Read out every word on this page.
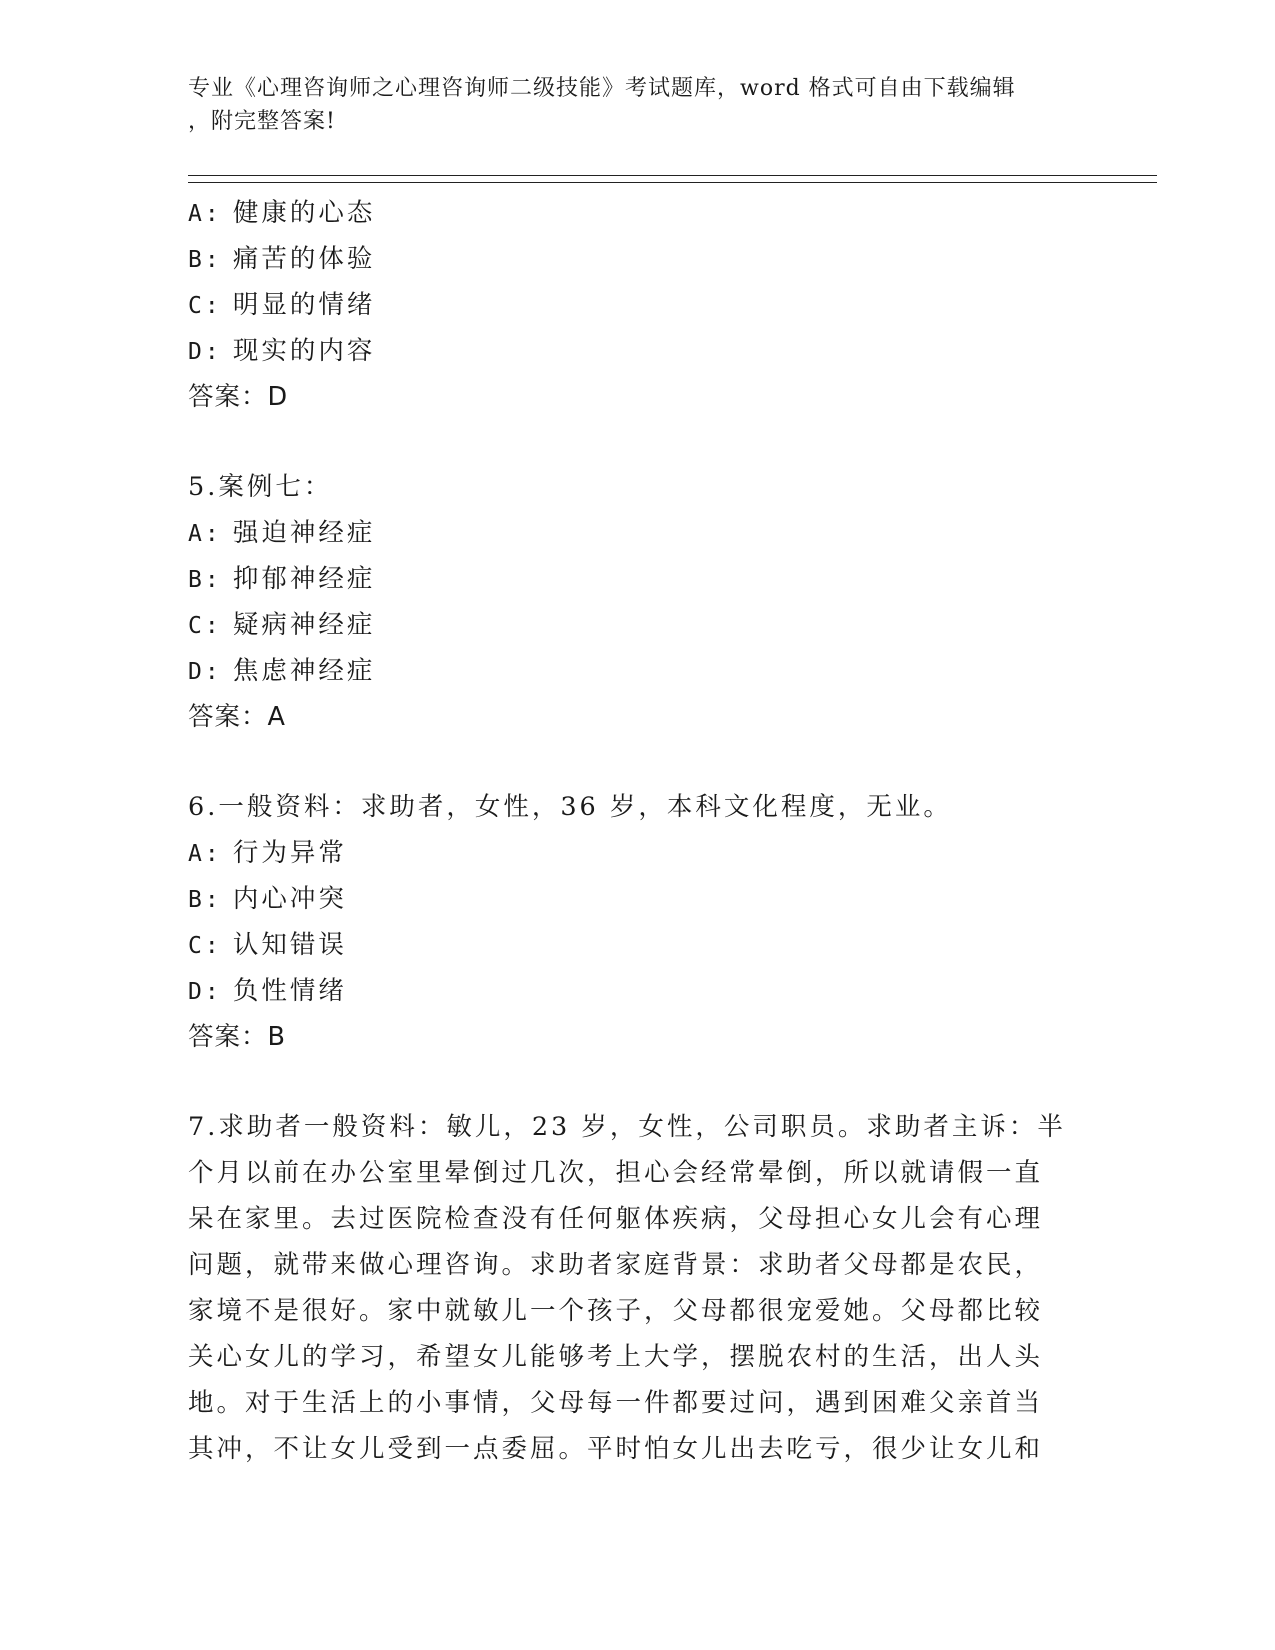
专业《心理咨询师之心理咨询师二级技能》考试题库，word 格式可自由下载编辑
，附完整答案!
A: 健康的心态
B: 痛苦的体验
C: 明显的情绪
D: 现实的内容
答案：D
5.案例七：
A: 强迫神经症
B: 抑郁神经症
C: 疑病神经症
D: 焦虑神经症
答案：A
6.一般资料：求助者，女性，36 岁，本科文化程度，无业。
A: 行为异常
B: 内心冲突
C: 认知错误
D: 负性情绪
答案：B
7.求助者一般资料：敏儿，23 岁，女性，公司职员。求助者主诉：半
个月以前在办公室里晕倒过几次，担心会经常晕倒，所以就请假一直
呆在家里。去过医院检查没有任何躯体疾病，父母担心女儿会有心理
问题，就带来做心理咨询。求助者家庭背景：求助者父母都是农民，
家境不是很好。家中就敏儿一个孩子，父母都很宠爱她。父母都比较
关心女儿的学习，希望女儿能够考上大学，摆脱农村的生活，出人头
地。对于生活上的小事情，父母每一件都要过问，遇到困难父亲首当
其冲，不让女儿受到一点委屈。平时怕女儿出去吃亏，很少让女儿和
